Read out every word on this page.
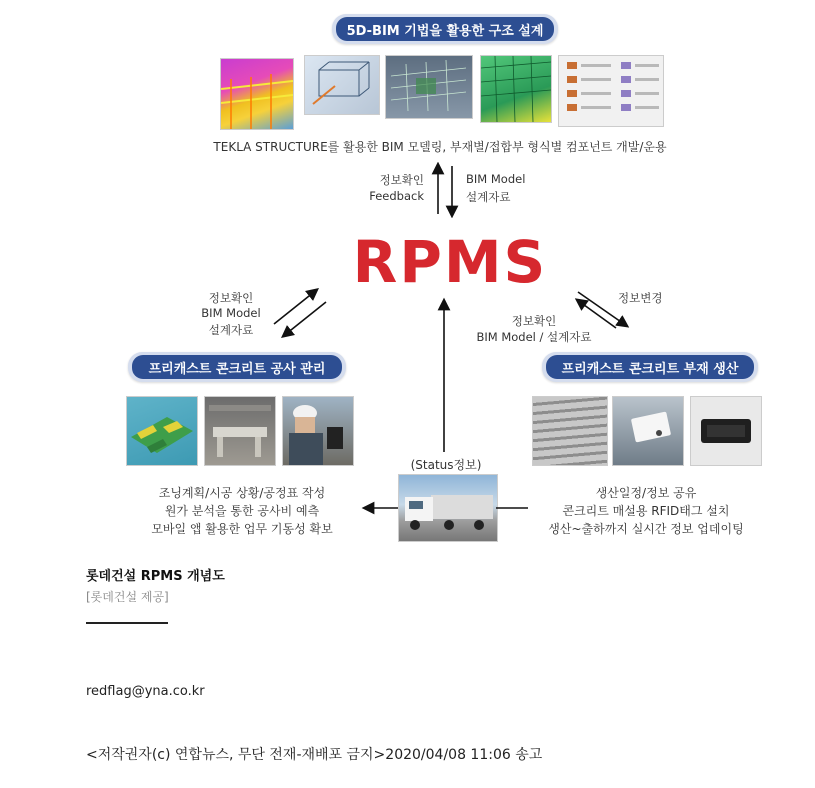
5D-BIM 기법을 활용한 구조 설계
TEKLA STRUCTURE를 활용한 BIM 모델링, 부재별/접합부 형식별 컴포넌트 개발/운용
정보확인
Feedback
BIM Model
설계자료
RPMS
정보확인
BIM Model
설계자료
정보변경
정보확인
BIM Model / 설계자료
프리캐스트 콘크리트 공사 관리	프리캐스트 콘크리트 부재 생산
(Status정보)
조닝계획/시공 상황/공정표 작성
원가 분석을 통한 공사비 예측
모바일 앱 활용한 업무 기동성 확보
생산일정/정보 공유
콘크리트 매설용 RFID태그 설치
생산~출하까지 실시간 정보 업데이팅
롯데건설 RPMS 개념도
[롯데건설 제공]
redflag@yna.co.kr
<저작권자(c) 연합뉴스, 무단 전재-재배포 금지>2020/04/08 11:06 송고
